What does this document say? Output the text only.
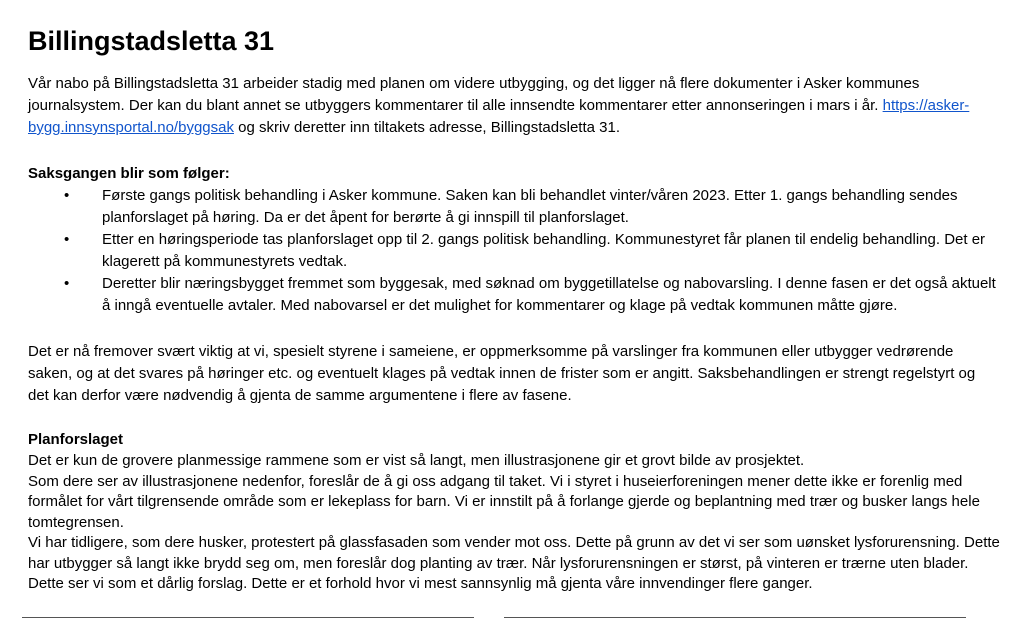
Billingstadsletta 31

Vår nabo på Billingstadsletta 31 arbeider stadig med planen om videre utbygging, og det ligger nå flere dokumenter i Asker kommunes journalsystem. Der kan du blant annet se utbyggers kommentarer til alle innsendte kommentarer etter annonseringen i mars i år. https://asker-bygg.innsynsportal.no/byggsak og skriv deretter inn tiltakets adresse, Billingstadsletta 31.

Saksgangen blir som følger:

• Første gangs politisk behandling i Asker kommune. Saken kan bli behandlet vinter/våren 2023. Etter 1. gangs behandling sendes planforslaget på høring. Da er det åpent for berørte å gi innspill til planforslaget.
• Etter en høringsperiode tas planforslaget opp til 2. gangs politisk behandling. Kommunestyret får planen til endelig behandling. Det er klagerett på kommunestyrets vedtak.
• Deretter blir næringsbygget fremmet som byggesak, med søknad om byggetillatelse og nabovarsling. I denne fasen er det også aktuelt å inngå eventuelle avtaler. Med nabovarsel er det mulighet for kommentarer og klage på vedtak kommunen måtte gjøre.

Det er nå fremover svært viktig at vi, spesielt styrene i sameiene, er oppmerksomme på varslinger fra kommunen eller utbygger vedrørende saken, og at det svares på høringer etc. og eventuelt klages på vedtak innen de frister som er angitt. Saksbehandlingen er strengt regelstyrt og det kan derfor være nødvendig å gjenta de samme argumentene i flere av fasene.

Planforslaget

Det er kun de grovere planmessige rammene som er vist så langt, men illustrasjonene gir et grovt bilde av prosjektet.
Som dere ser av illustrasjonene nedenfor, foreslår de å gi oss adgang til taket. Vi i styret i huseierforeningen mener dette ikke er forenlig med formålet for vårt tilgrensende område som er lekeplass for barn. Vi er innstilt på å forlange gjerde og beplantning med trær og busker langs hele tomtegrensen.
Vi har tidligere, som dere husker, protestert på glassfasaden som vender mot oss. Dette på grunn av det vi ser som uønsket lysforurensning. Dette har utbygger så langt ikke brydd seg om, men foreslår dog planting av trær. Når lysforurensningen er størst, på vinteren er trærne uten blader. Dette ser vi som et dårlig forslag. Dette er et forhold hvor vi mest sannsynlig må gjenta våre innvendinger flere ganger.
